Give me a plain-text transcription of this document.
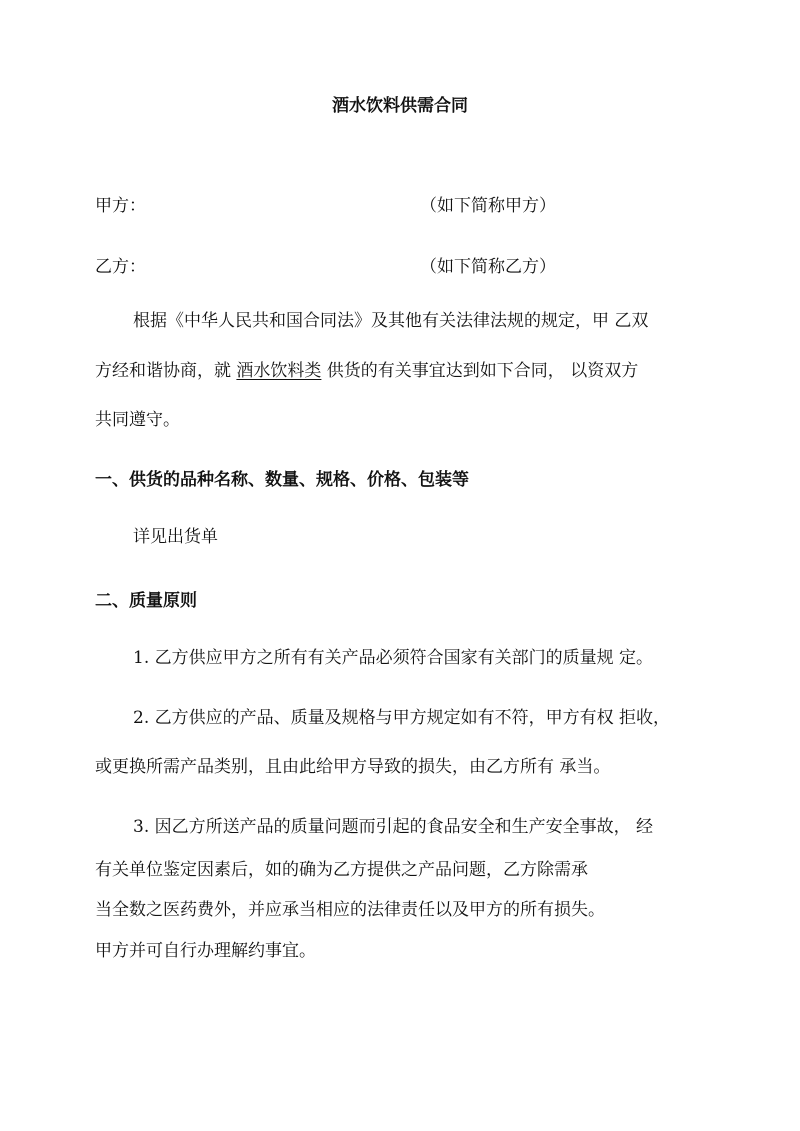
酒水饮料供需合同

甲方：	（如下简称甲方）

乙方：	（如下简称乙方）

根据《中华人民共和国合同法》及其他有关法律法规的规定，甲 乙双

方经和谐协商，就 酒水饮料类 供货的有关事宜达到如下合同， 以资双方

共同遵守。

一、供货的品种名称、数量、规格、价格、包装等

详见出货单

二、质量原则

1. 乙方供应甲方之所有有关产品必须符合国家有关部门的质量规 定。

2. 乙方供应的产品、质量及规格与甲方规定如有不符，甲方有权 拒收，

或更换所需产品类别，且由此给甲方导致的损失，由乙方所有 承当。

3. 因乙方所送产品的质量问题而引起的食品安全和生产安全事故， 经

有关单位鉴定因素后，如的确为乙方提供之产品问题，乙方除需承

当全数之医药费外，并应承当相应的法律责任以及甲方的所有损失。

甲方并可自行办理解约事宜。
